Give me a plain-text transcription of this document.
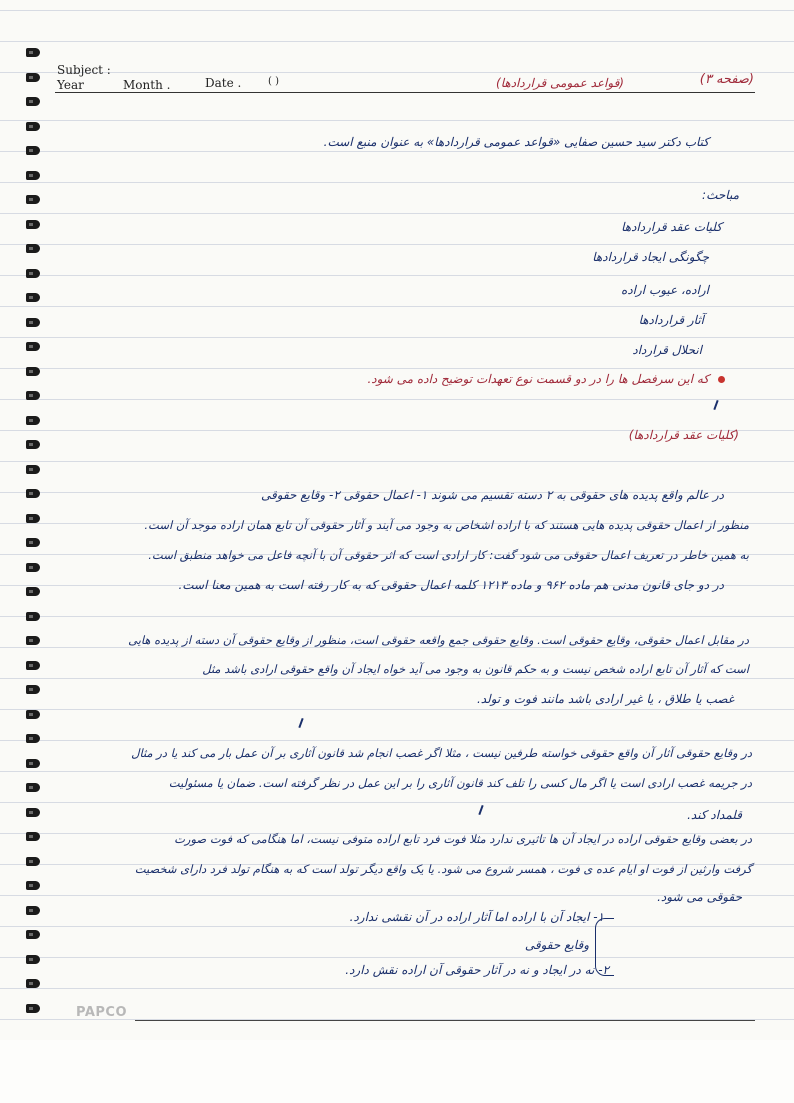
Subject :
Year	Month .	Date .	( )	(صفحه ۳)
(قواعد عمومی قراردادها)
کتاب دکتر سید حسین صفایی «قواعد عمومی قراردادها» به عنوان منبع است.
مباحث:
کلیات عقد قراردادها
چگونگی ایجاد قراردادها
اراده، عیوب اراده
آثار قراردادها
انحلال قرارداد
که این سرفصل ها را در دو قسمت نوع تعهدات توضیح داده می شود.
(کلیات عقد قراردادها)
در عالم واقع پدیده های حقوقی به ۲ دسته تقسیم می شوند ۱- اعمال حقوقی ۲- وقایع حقوقی
منظور از اعمال حقوقی پدیده هایی هستند که با اراده اشخاص به وجود می آیند و آثار حقوقی آن تابع همان اراده موجد آن است.
به همین خاطر در تعریف اعمال حقوقی می شود گفت: کار ارادی است که اثر حقوقی آن با آنچه فاعل می خواهد منطبق است.
در دو جای قانون مدنی هم ماده ۹۶۲ و ماده ۱۲۱۳ کلمه اعمال حقوقی که به کار رفته است به همین معنا است.
در مقابل اعمال حقوقی، وقایع حقوقی است. وقایع حقوقی جمع واقعه حقوقی است، منظور از وقایع حقوقی آن دسته از پدیده هایی
است که آثار آن تابع اراده شخص نیست و به حکم قانون به وجود می آید خواه ایجاد آن واقع حقوقی ارادی باشد مثل
غصب یا طلاق ، یا غیر ارادی باشد مانند فوت و تولد.
در وقایع حقوقی آثار آن واقع حقوقی خواسته طرفین نیست ، مثلا اگر غصب انجام شد قانون آثاری بر آن عمل بار می کند یا در مثال
در جریمه غصب ارادی است یا اگر مال کسی را تلف کند قانون آثاری را بر این عمل در نظر گرفته است. ضمان یا مسئولیت
قلمداد کند.
در بعضی وقایع حقوقی اراده در ایجاد آن ها تاثیری ندارد مثلا فوت فرد تابع اراده متوفی نیست، اما هنگامی که فوت صورت
گرفت وارثین از فوت او ایام عده ی فوت ، همسر شروع می شود. یا یک واقع دیگر تولد است که به هنگام تولد فرد دارای شخصیت
حقوقی می شود.
۱- ایجاد آن با اراده اما آثار اراده در آن نقشی ندارد.
وقایع حقوقی
۲- نه در ایجاد و نه در آثار حقوقی آن اراده نقش دارد.
PAPCO
